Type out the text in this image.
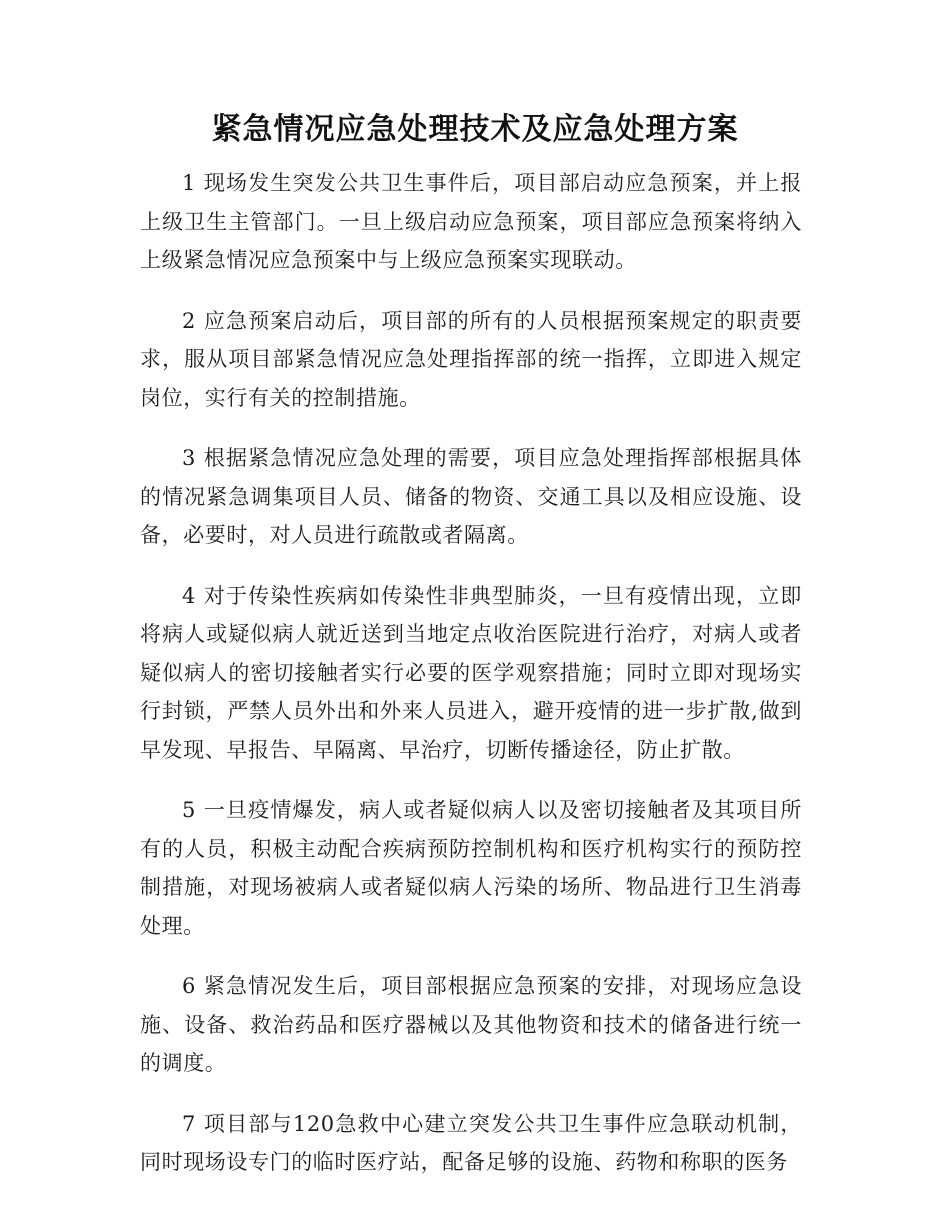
紧急情况应急处理技术及应急处理方案

1 现场发生突发公共卫生事件后，项目部启动应急预案，并上报上级卫生主管部门。一旦上级启动应急预案，项目部应急预案将纳入上级紧急情况应急预案中与上级应急预案实现联动。

2 应急预案启动后，项目部的所有的人员根据预案规定的职责要求，服从项目部紧急情况应急处理指挥部的统一指挥，立即进入规定岗位，实行有关的控制措施。

3 根据紧急情况应急处理的需要，项目应急处理指挥部根据具体的情况紧急调集项目人员、储备的物资、交通工具以及相应设施、设备，必要时，对人员进行疏散或者隔离。

4 对于传染性疾病如传染性非典型肺炎，一旦有疫情出现，立即将病人或疑似病人就近送到当地定点收治医院进行治疗，对病人或者疑似病人的密切接触者实行必要的医学观察措施；同时立即对现场实行封锁，严禁人员外出和外来人员进入，避开疫情的进一步扩散,做到早发现、早报告、早隔离、早治疗，切断传播途径，防止扩散。

5 一旦疫情爆发，病人或者疑似病人以及密切接触者及其项目所有的人员，积极主动配合疾病预防控制机构和医疗机构实行的预防控制措施，对现场被病人或者疑似病人污染的场所、物品进行卫生消毒处理。

6 紧急情况发生后，项目部根据应急预案的安排，对现场应急设施、设备、救治药品和医疗器械以及其他物资和技术的储备进行统一的调度。

7 项目部与120急救中心建立突发公共卫生事件应急联动机制，同时现场设专门的临时医疗站，配备足够的设施、药物和称职的医务
